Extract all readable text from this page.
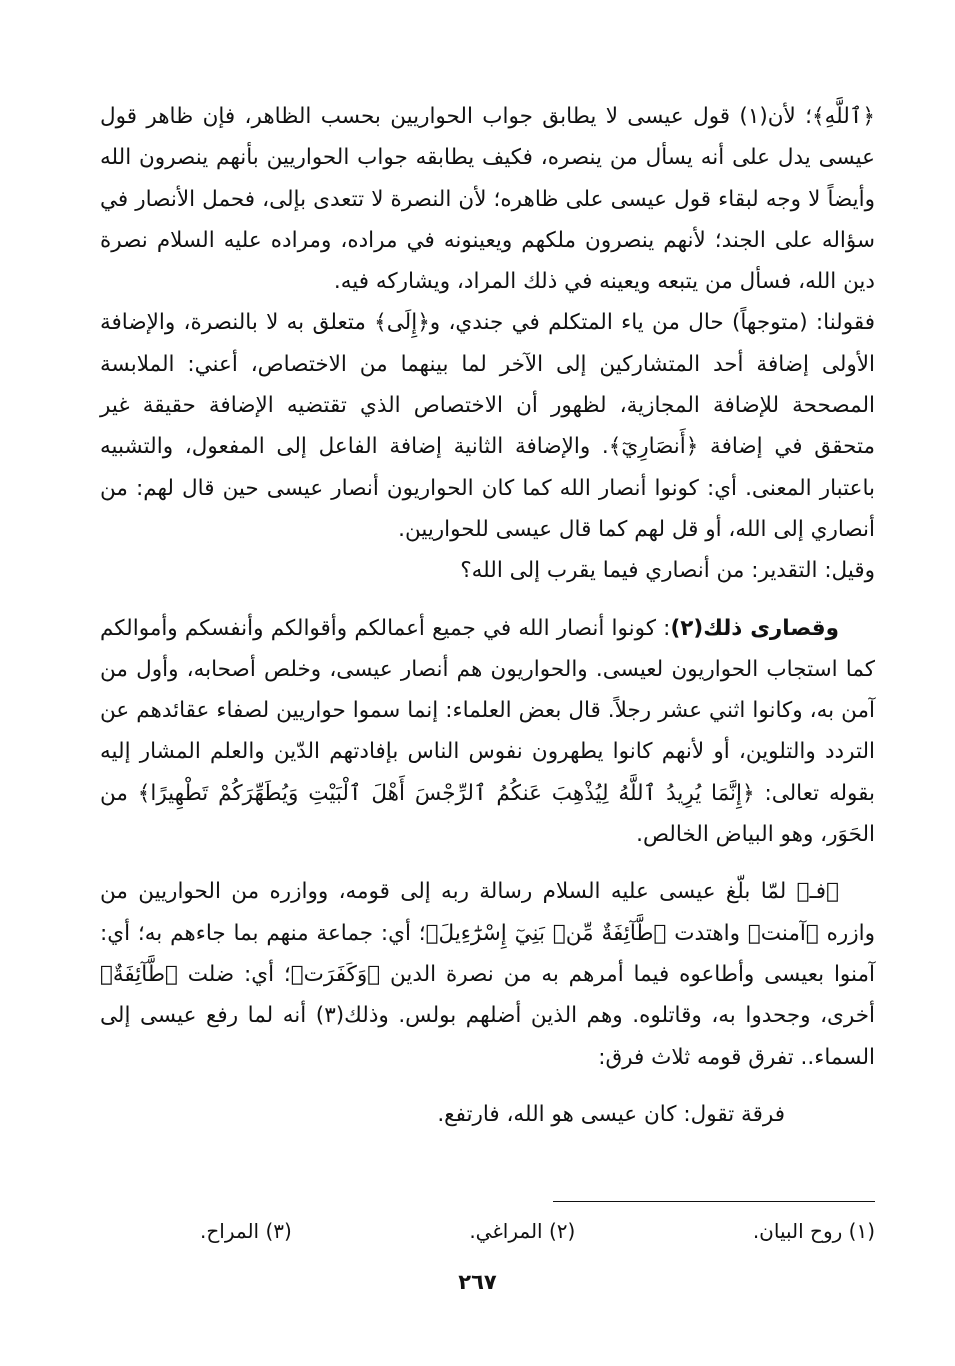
﴿ٱللَّهِ﴾؛ لأن(١) قول عيسى لا يطابق جواب الحواريين بحسب الظاهر، فإن ظاهر قول عيسى يدل على أنه يسأل من ينصره، فكيف يطابقه جواب الحواريين بأنهم ينصرون الله وأيضاً لا وجه لبقاء قول عيسى على ظاهره؛ لأن النصرة لا تتعدى بإلى، فحمل الأنصار في سؤاله على الجند؛ لأنهم ينصرون ملكهم ويعينونه في مراده، ومراده عليه السلام نصرة دين الله، فسأل من يتبعه ويعينه في ذلك المراد، ويشاركه فيه.

فقولنا: (متوجهاً) حال من ياء المتكلم في جندي، و﴿إِلَى﴾ متعلق به لا بالنصرة، والإضافة الأولى إضافة أحد المتشاركين إلى الآخر لما بينهما من الاختصاص، أعني: الملابسة المصححة للإضافة المجازية، لظهور أن الاختصاص الذي تقتضيه الإضافة حقيقة غير متحقق في إضافة ﴿أَنصَارِيٓ﴾. والإضافة الثانية إضافة الفاعل إلى المفعول، والتشبيه باعتبار المعنى. أي: كونوا أنصار الله كما كان الحواريون أنصار عيسى حين قال لهم: من أنصاري إلى الله، أو قل لهم كما قال عيسى للحواريين.

وقيل: التقدير: من أنصاري فيما يقرب إلى الله؟

وقصارى ذلك(٢): كونوا أنصار الله في جميع أعمالكم وأقوالكم وأنفسكم وأموالكم كما استجاب الحواريون لعيسى. والحواريون هم أنصار عيسى، وخلص أصحابه، وأول من آمن به، وكانوا اثني عشر رجلاً. قال بعض العلماء: إنما سموا حواريين لصفاء عقائدهم عن التردد والتلوين، أو لأنهم كانوا يطهرون نفوس الناس بإفادتهم الدّين والعلم المشار إليه بقوله تعالى: ﴿إِنَّمَا يُرِيدُ ٱللَّهُ لِيُذْهِبَ عَنكُمُ ٱلرِّجْسَ أَهْلَ ٱلْبَيْتِ وَيُطَهِّرَكُمْ تَطْهِيرًا﴾ من الحَوَر، وهو البياض الخالص.

﴿فـ﴾ لمّا بلّغ عيسى عليه السلام رسالة ربه إلى قومه، ووازره من الحواريين من وازره ﴿آمنت﴾ واهتدت ﴿طَّآئِفَةٌ مِّنۢ بَنِيٓ إِسْرَٰٓءِيلَ﴾؛ أي: جماعة منهم بما جاءهم به؛ أي: آمنوا بعيسى وأطاعوه فيما أمرهم به من نصرة الدين ﴿وَكَفَرَت﴾؛ أي: ضلت ﴿طَّآئِفَةٌ﴾ أخرى، وجحدوا به، وقاتلوه. وهم الذين أضلهم بولس. وذلك(٣) أنه لما رفع عيسى إلى السماء.. تفرق قومه ثلاث فرق:

فرقة تقول: كان عيسى هو الله، فارتفع.

(١) روح البيان.
(٢) المراغي.
(٣) المراح.
٢٦٧
